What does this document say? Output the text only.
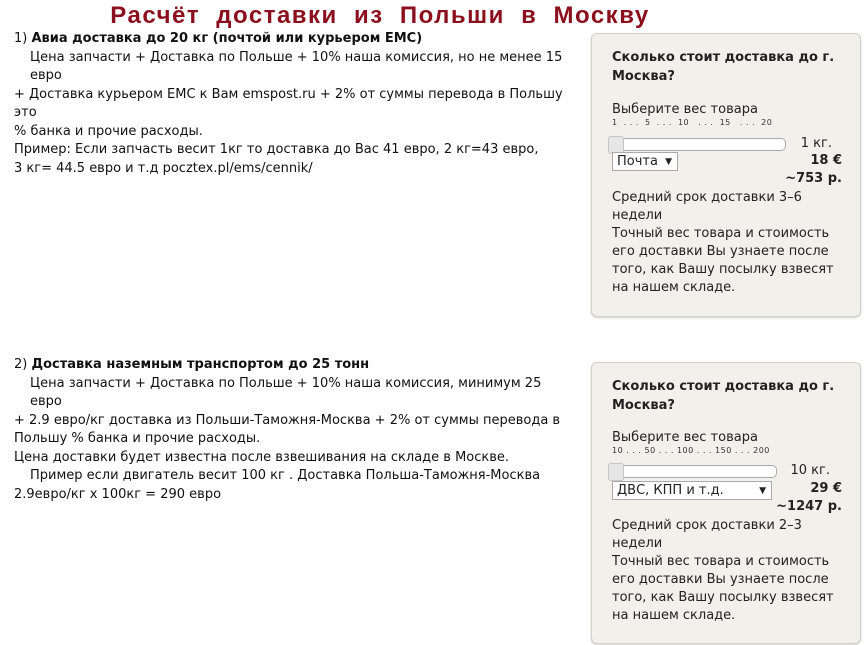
Расчёт доставки из Польши в Москву

1) Авиа доставка до 20 кг (почтой или курьером EMC)

Цена запчасти + Доставка по Польше + 10% наша комиссия, но не менее 15 евро

+ Доставка курьером EMC к Вам emspost.ru + 2% от суммы перевода в Польшу это

% банка и прочие расходы.

Пример: Если запчасть весит 1кг то доставка до Вас 41 евро, 2 кг=43 евро,

3 кг= 44.5 евро и т.д pocztex.pl/ems/cennik/

2) Доставка наземным транспортом до 25 тонн

Цена запчасти + Доставка по Польше + 10% наша комиссия, минимум 25 евро

+ 2.9 евро/кг доставка из Польши-Таможня-Москва + 2% от суммы перевода в

Польшу % банка и прочие расходы.

Цена доставки будет известна после взвешивания на складе в Москве.

Пример если двигатель весит 100 кг . Доставка Польша-Таможня-Москва

2.9евро/кг х 100кг = 290 евро

Сколько стоит доставка до г. Москва?
Выберите вес товара
1  . . .  5  . . .  10   . . .  15   . . .  20
1 кг.
Почта ▼	18 €
~753 р.
Средний срок доставки 3–6 недели
Точный вес товара и стоимость его доставки Вы узнаете после того, как Вашу посылку взвесят на нашем складе.
Сколько стоит доставка до г. Москва?
Выберите вес товара
10 . . . 50 . . . 100 . . . 150 . . . 200
10 кг.
ДВС, КПП и т.д.	▼	29 €
~1247 р.
Средний срок доставки 2–3 недели
Точный вес товара и стоимость его доставки Вы узнаете после того, как Вашу посылку взвесят на нашем складе.
